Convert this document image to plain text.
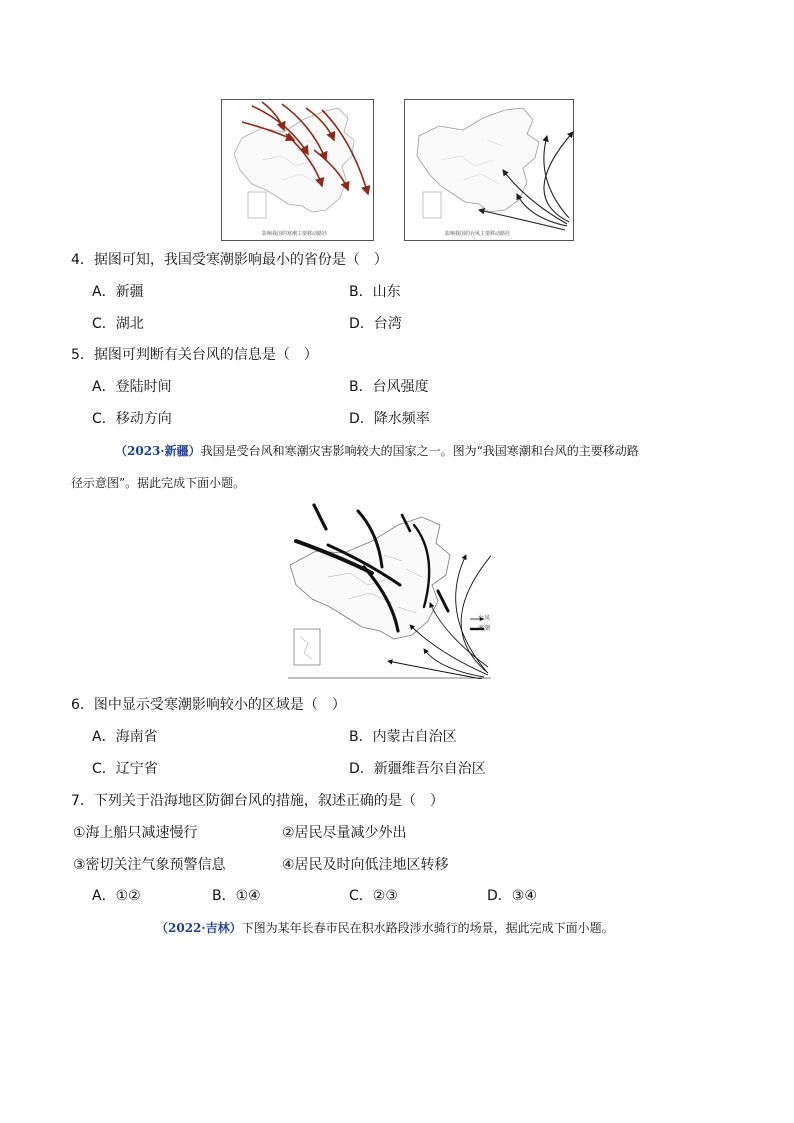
影响我国的寒潮主要移动路径	影响我国的台风主要移动路径
4．据图可知，我国受寒潮影响最小的省份是（　）
A．新疆	B．山东
C．湖北	D．台湾
5．据图可判断有关台风的信息是（　）
A．登陆时间	B．台风强度
C．移动方向	D．降水频率
（2023·新疆）我国是受台风和寒潮灾害影响较大的国家之一。图为“我国寒潮和台风的主要移动路
径示意图”。据此完成下面小题。
台风
寒潮
6．图中显示受寒潮影响较小的区域是（　）
A．海南省	B．内蒙古自治区
C．辽宁省	D．新疆维吾尔自治区
7．下列关于沿海地区防御台风的措施，叙述正确的是（　）
①海上船只减速慢行	②居民尽量减少外出
③密切关注气象预警信息	④居民及时向低洼地区转移
A．①②	B．①④	C．②③	D．③④
（2022·吉林）下图为某年长春市民在积水路段涉水骑行的场景，据此完成下面小题。
